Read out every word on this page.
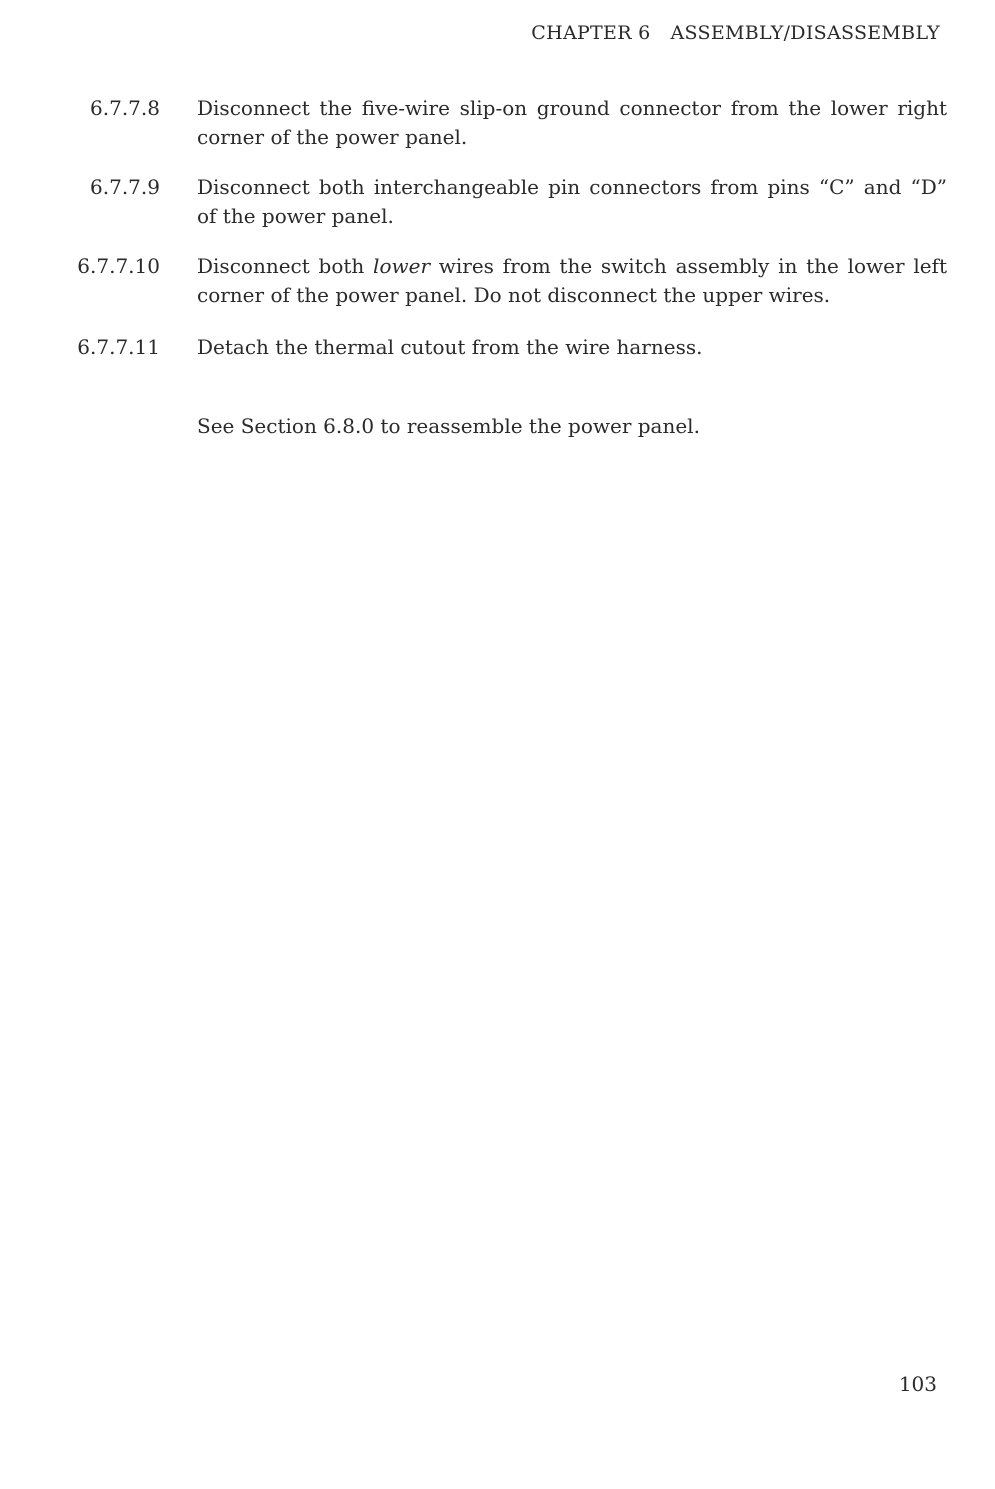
CHAPTER 6 ASSEMBLY/DISASSEMBLY
6.7.7.8 Disconnect the five-wire slip-on ground connector from the lower right corner of the power panel.
6.7.7.9 Disconnect both interchangeable pin connectors from pins “C” and “D” of the power panel.
6.7.7.10 Disconnect both lower wires from the switch assembly in the lower left corner of the power panel. Do not disconnect the upper wires.
6.7.7.11 Detach the thermal cutout from the wire harness.
See Section 6.8.0 to reassemble the power panel.
103
